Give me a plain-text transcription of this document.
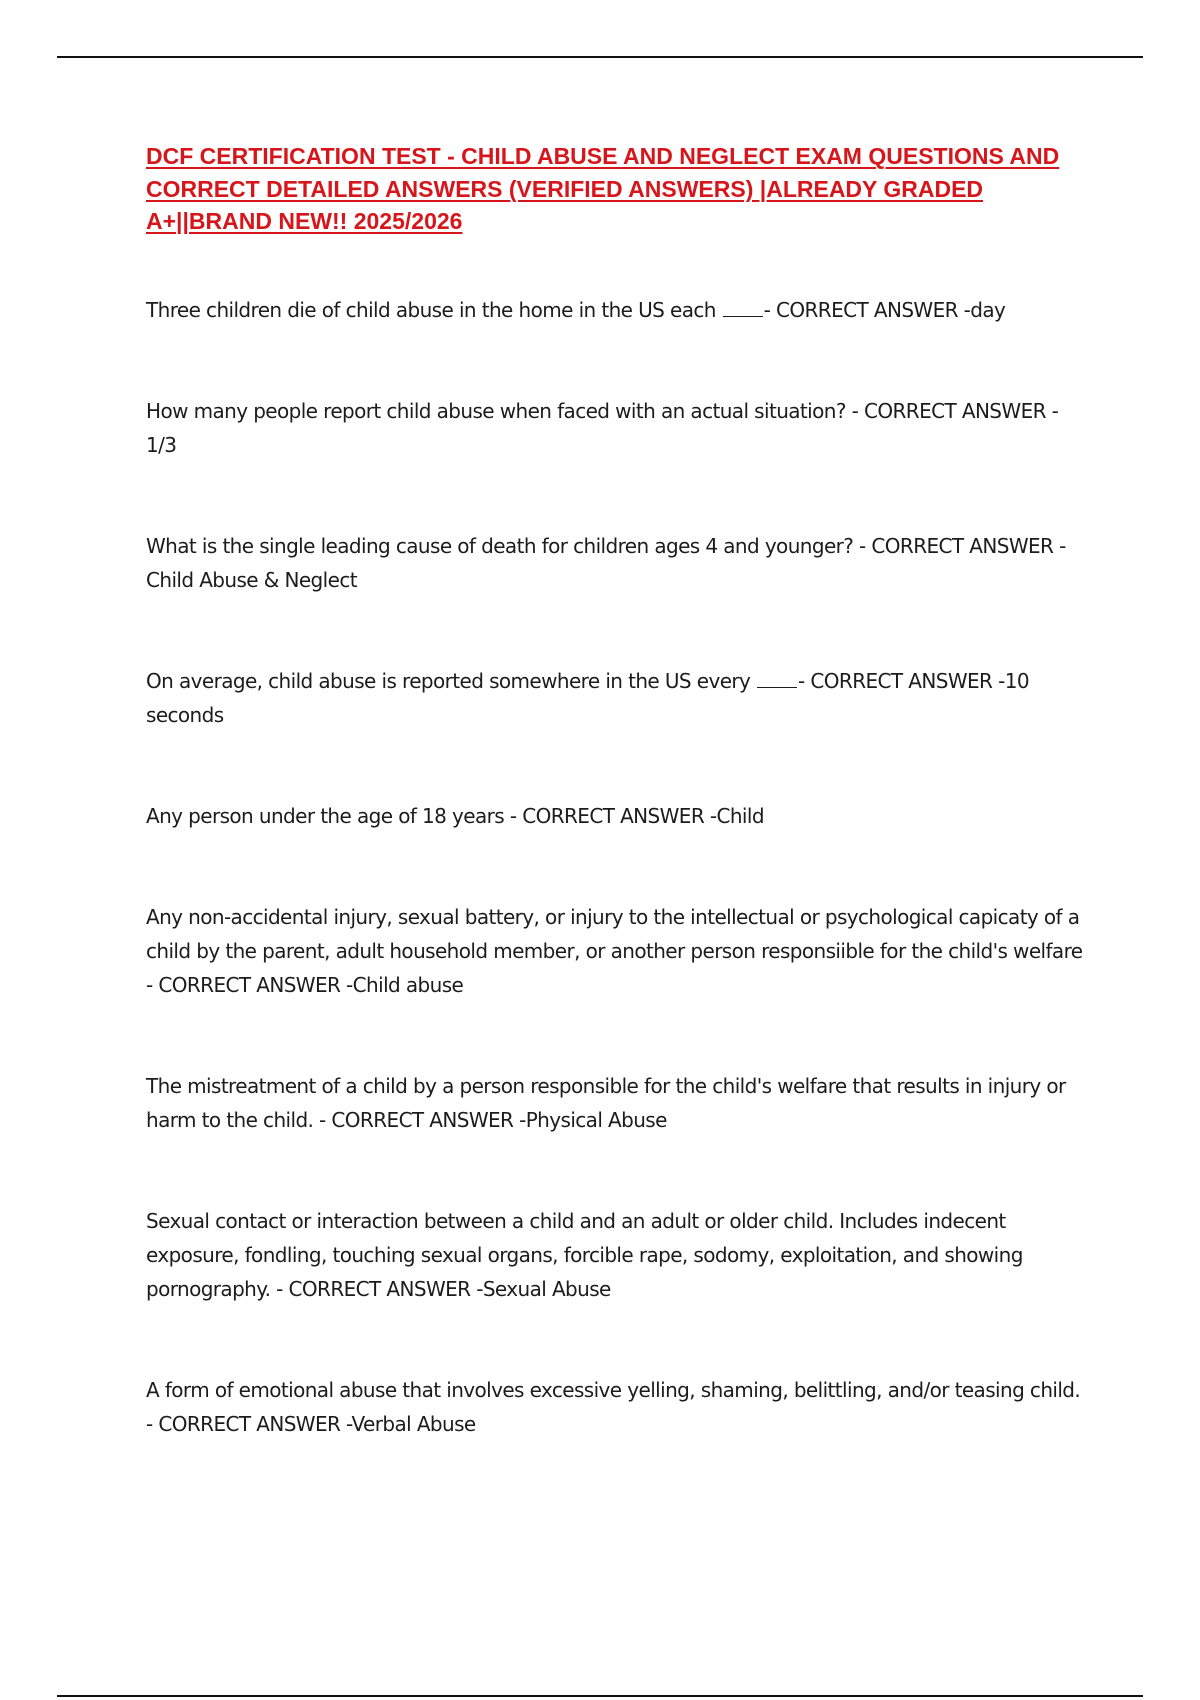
DCF CERTIFICATION TEST - CHILD ABUSE AND NEGLECT EXAM QUESTIONS AND CORRECT DETAILED ANSWERS (VERIFIED ANSWERS) |ALREADY GRADED A+||BRAND NEW!! 2025/2026

Three children die of child abuse in the home in the US each - CORRECT ANSWER -day

How many people report child abuse when faced with an actual situation? - CORRECT ANSWER - 1/3

What is the single leading cause of death for children ages 4 and younger? - CORRECT ANSWER - Child Abuse & Neglect

On average, child abuse is reported somewhere in the US every - CORRECT ANSWER -10 seconds

Any person under the age of 18 years - CORRECT ANSWER -Child

Any non-accidental injury, sexual battery, or injury to the intellectual or psychological capicaty of a child by the parent, adult household member, or another person responsiible for the child's welfare - CORRECT ANSWER -Child abuse

The mistreatment of a child by a person responsible for the child's welfare that results in injury or harm to the child. - CORRECT ANSWER -Physical Abuse

Sexual contact or interaction between a child and an adult or older child. Includes indecent exposure, fondling, touching sexual organs, forcible rape, sodomy, exploitation, and showing pornography. - CORRECT ANSWER -Sexual Abuse

A form of emotional abuse that involves excessive yelling, shaming, belittling, and/or teasing child. - CORRECT ANSWER -Verbal Abuse
